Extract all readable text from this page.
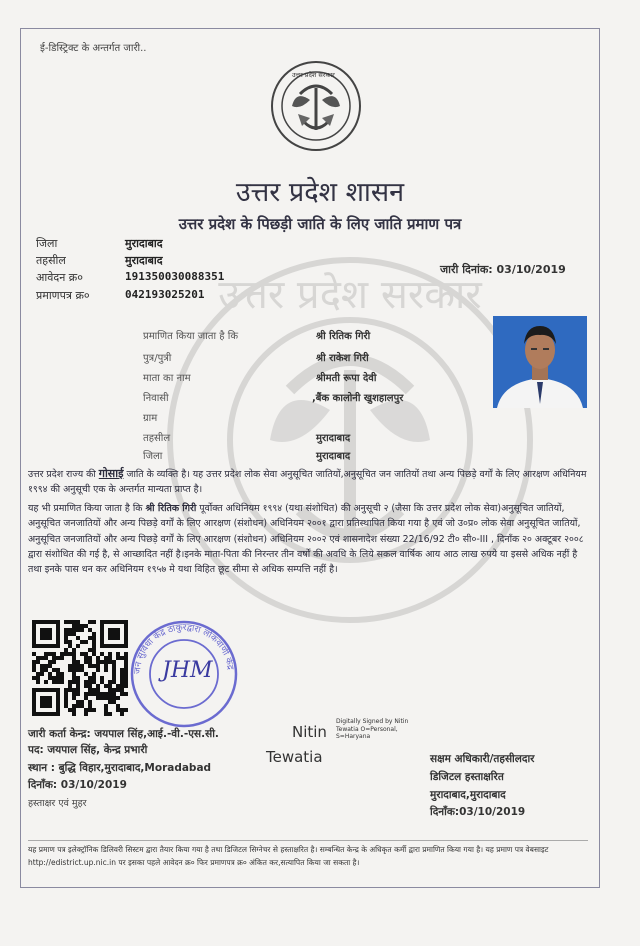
ई-डिस्ट्रिक्ट के अन्तर्गत जारी..
उत्तर प्रदेश सरकार
उत्तर प्रदेश शासन
उत्तर प्रदेश के पिछड़ी जाति के लिए जाति प्रमाण पत्र
उत्तर प्रदेश सरकार
जिला	मुरादाबाद
तहसील	मुरादाबाद
आवेदन क्र०	191350030088351
प्रमाणपत्र क्र०	042193025201
जारी दिनांक: 03/10/2019
प्रमाणित किया जाता है कि	श्री रितिक गिरी
पुत्र/पुत्री	श्री राकेश गिरी
माता का नाम	श्रीमती रूपा देवी
निवासी	,बैंक कालोनी खुशहालपुर
ग्राम
तहसील	मुरादाबाद
जिला	मुरादाबाद
उत्तर प्रदेश राज्य की गोसाई जाति के व्यक्ति है। यह उत्तर प्रदेश लोक सेवा अनुसूचित जातियों,अनुसूचित जन जातियों तथा अन्य पिछड़े वर्गों के लिए आरक्षण अधिनियम १९९४ की अनुसूची एक के अन्तर्गत मान्यता प्राप्त है।
यह भी प्रमाणित किया जाता है कि श्री रितिक गिरी पूर्वोक्त अधिनियम १९९४ (यथा संशोधित) की अनुसूची २ (जैसा कि उत्तर प्रदेश लोक सेवा)अनुसूचित जातियों, अनुसूचित जनजातियों और अन्य पिछड़े वर्गों के लिए आरक्षण (संशोधन) अधिनियम २००१ द्वारा प्रतिस्थापित किया गया है एवं जो उ०प्र० लोक सेवा अनुसूचित जातियों, अनुसूचित जनजातियों और अन्य पिछड़े वर्गों के लिए आरक्षण (संशोधन) अधिनियम २००२ एवं शासनादेश संख्या 22/16/92 टी० सी०-III , दिनाँक २० अक्टूबर २००८ द्वारा संशोधित की गई है, से आच्छादित नहीं है।इनके माता-पिता की निरन्तर तीन वर्षों की अवधि के लिये सकल वार्षिक आय आठ लाख रुपये या इससे अधिक नहीं है तथा इनके पास धन कर अधिनियम १९५७ मे यथा विहित छूट सीमा से अधिक सम्पत्ति नहीं है।
जन सुविधा केंद्र ठाकुरद्वारा लोकवाणी केंद्र
JHM
जारी कर्ता केन्द्र: जयपाल सिंह,आई.-वी.-एस.सी.
पद: जयपाल सिंह, केन्द्र प्रभारी
स्थान : बुद्धि विहार,मुरादाबाद,Moradabad
दिनाँक: 03/10/2019
हस्ताक्षर एवं मुहर
Nitin
Tewatia
Digitally Signed by Nitin Tewatia O=Personal, S=Haryana
सक्षम अधिकारी/तहसीलदार
डिजिटल हस्ताक्षरित
मुरादाबाद,मुरादाबाद
दिनाँक:03/10/2019
यह प्रमाण पत्र इलेक्ट्रॉनिक डिलिवरी सिस्टम द्वारा तैयार किया गया है तथा डिजिटल सिग्नेचर से हस्ताक्षरित है। सम्बन्धित केन्द्र के अधिकृत कर्मी द्वारा प्रमाणित किया गया है। यह प्रमाण पत्र वेबसाइट http://edistrict.up.nic.in पर इसका पहले आवेदन क्र० फिर प्रमाणपत्र क्र० अंकित कर,सत्यापित किया जा सकता है।
